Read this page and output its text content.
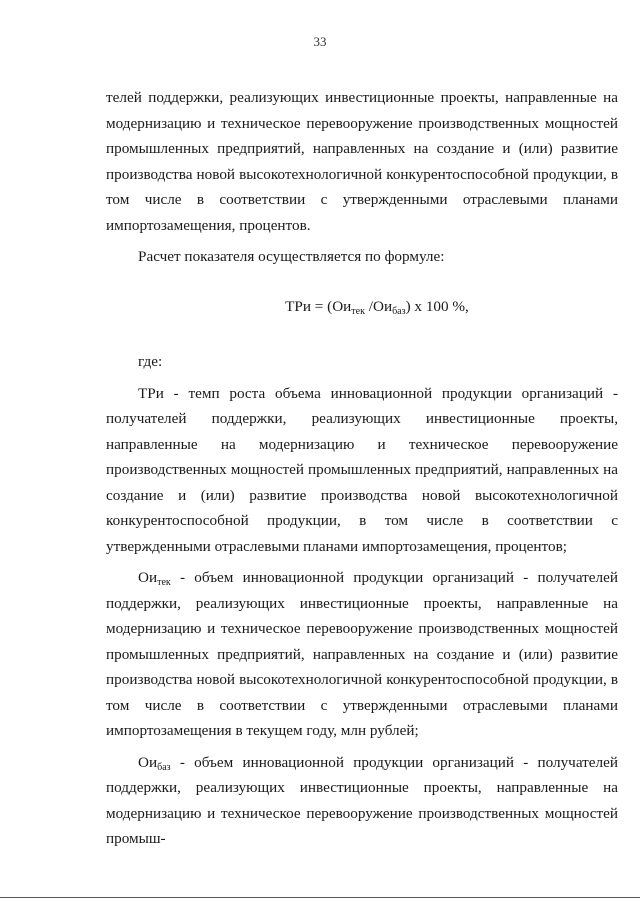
33

телей поддержки, реализующих инвестиционные проекты, направленные на модернизацию и техническое перевооружение производственных мощностей промышленных предприятий, направленных на создание и (или) развитие производства новой высокотехнологичной конкурентоспособной продукции, в том числе в соответствии с утвержденными отраслевыми планами импортозамещения, процентов.

Расчет показателя осуществляется по формуле:

ТРи = ($Ои_{тек}$ $/Ои_{баз}$) x 100 %,

где:

ТРи - темп роста объема инновационной продукции организаций - получателей поддержки, реализующих инвестиционные проекты, направленные на модернизацию и техническое перевооружение производственных мощностей промышленных предприятий, направленных на создание и (или) развитие производства новой высокотехнологичной конкурентоспособной продукции, в том числе в соответствии с утвержденными отраслевыми планами импортозамещения, процентов;

$Ои_{тек}$ - объем инновационной продукции организаций - получателей поддержки, реализующих инвестиционные проекты, направленные на модернизацию и техническое перевооружение производственных мощностей промышленных предприятий, направленных на создание и (или) развитие производства новой высокотехнологичной конкурентоспособной продукции, в том числе в соответствии с утвержденными отраслевыми планами импортозамещения в текущем году, млн рублей;

$Ои_{баз}$ - объем инновационной продукции организаций - получателей поддержки, реализующих инвестиционные проекты, направленные на модернизацию и техническое перевооружение производственных мощностей промыш-
